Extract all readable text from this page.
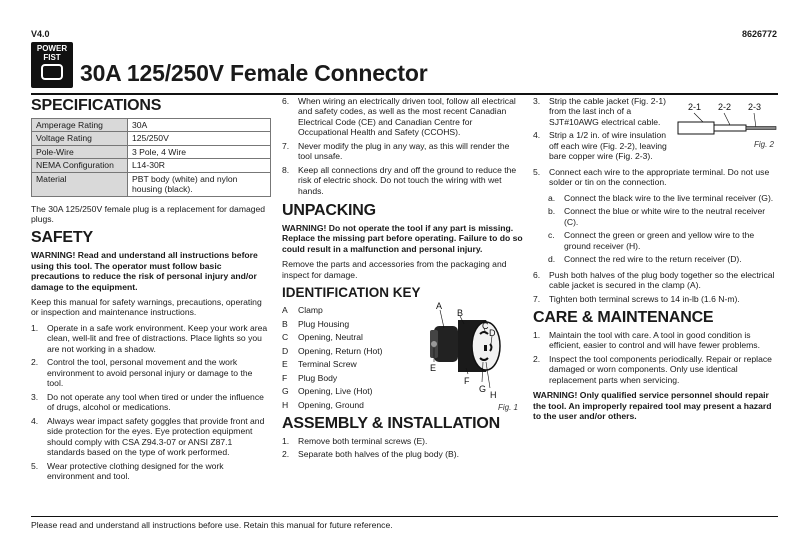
V4.0	8626772
POWER
FIST
30A 125/250V Female Connector
SPECIFICATIONS
Amperage Rating	30A
Voltage Rating	125/250V
Pole-Wire	3 Pole, 4 Wire
NEMA Configuration	L14-30R
Material	PBT body (white) and nylon housing (black).

The 30A 125/250V female plug is a replacement for damaged plugs.

SAFETY

WARNING! Read and understand all instructions before using this tool. The operator must follow basic precautions to reduce the risk of personal injury and/or damage to the equipment.

Keep this manual for safety warnings, precautions, operating or inspection and maintenance instructions.

1.	Operate in a safe work environment. Keep your work area clean, well-lit and free of distractions. Place lights so you are not working in a shadow.
2.	Control the tool, personal movement and the work environment to avoid personal injury or damage to the tool.
3.	Do not operate any tool when tired or under the influence of drugs, alcohol or medications.
4.	Always wear impact safety goggles that provide front and side protection for the eyes. Eye protection equipment should comply with CSA Z94.3-07 or ANSI Z87.1 standards based on the type of work performed.
5.	Wear protective clothing designed for the work environment and tool.
6.	When wiring an electrically driven tool, follow all electrical and safety codes, as well as the most recent Canadian Electrical Code (CE) and Canadian Centre for Occupational Health and Safety (CCOHS).
7.	Never modify the plug in any way, as this will render the tool unsafe.
8.	Keep all connections dry and off the ground to reduce the risk of electric shock. Do not touch the wiring with wet hands.
UNPACKING

WARNING! Do not operate the tool if any part is missing. Replace the missing part before operating. Failure to do so could result in a malfunction and personal injury.

Remove the parts and accessories from the packaging and inspect for damage.

IDENTIFICATION KEY
A	Clamp
B	Plug Housing
C	Opening, Neutral
D	Opening, Return (Hot)
E	Terminal Screw
F	Plug Body
G	Opening, Live (Hot)
H	Opening, Ground
ASSEMBLY & INSTALLATION
1.	Remove both terminal screws (E).
2.	Separate both halves of the plug body (B).
A
B
C
D
E
F
G
H
Fig. 1
3.	Strip the cable jacket (Fig. 2-1) from the last inch of a SJT#10AWG electrical cable.
4.	Strip a 1/2 in. of wire insulation off each wire (Fig. 2-2), leaving bare copper wire (Fig. 2-3).
5.	Connect each wire to the appropriate terminal. Do not use solder or tin on the connection.
a.	Connect the black wire to the live terminal receiver (G).
b.	Connect the blue or white wire to the neutral receiver (C).
c.	Connect the green or green and yellow wire to the ground receiver (H).
d.	Connect the red wire to the return receiver (D).
6.	Push both halves of the plug body together so the electrical cable jacket is secured in the clamp (A).
7.	Tighten both terminal screws to 14 in-lb (1.6 N-m).
CARE & MAINTENANCE
1.	Maintain the tool with care. A tool in good condition is efficient, easier to control and will have fewer problems.
2.	Inspect the tool components periodically. Repair or replace damaged or worn components. Only use identical replacement parts when servicing.

WARNING! Only qualified service personnel should repair the tool. An improperly repaired tool may present a hazard to the user and/or others.

2-1 2-2 2-3
Fig. 2
Please read and understand all instructions before use. Retain this manual for future reference.
